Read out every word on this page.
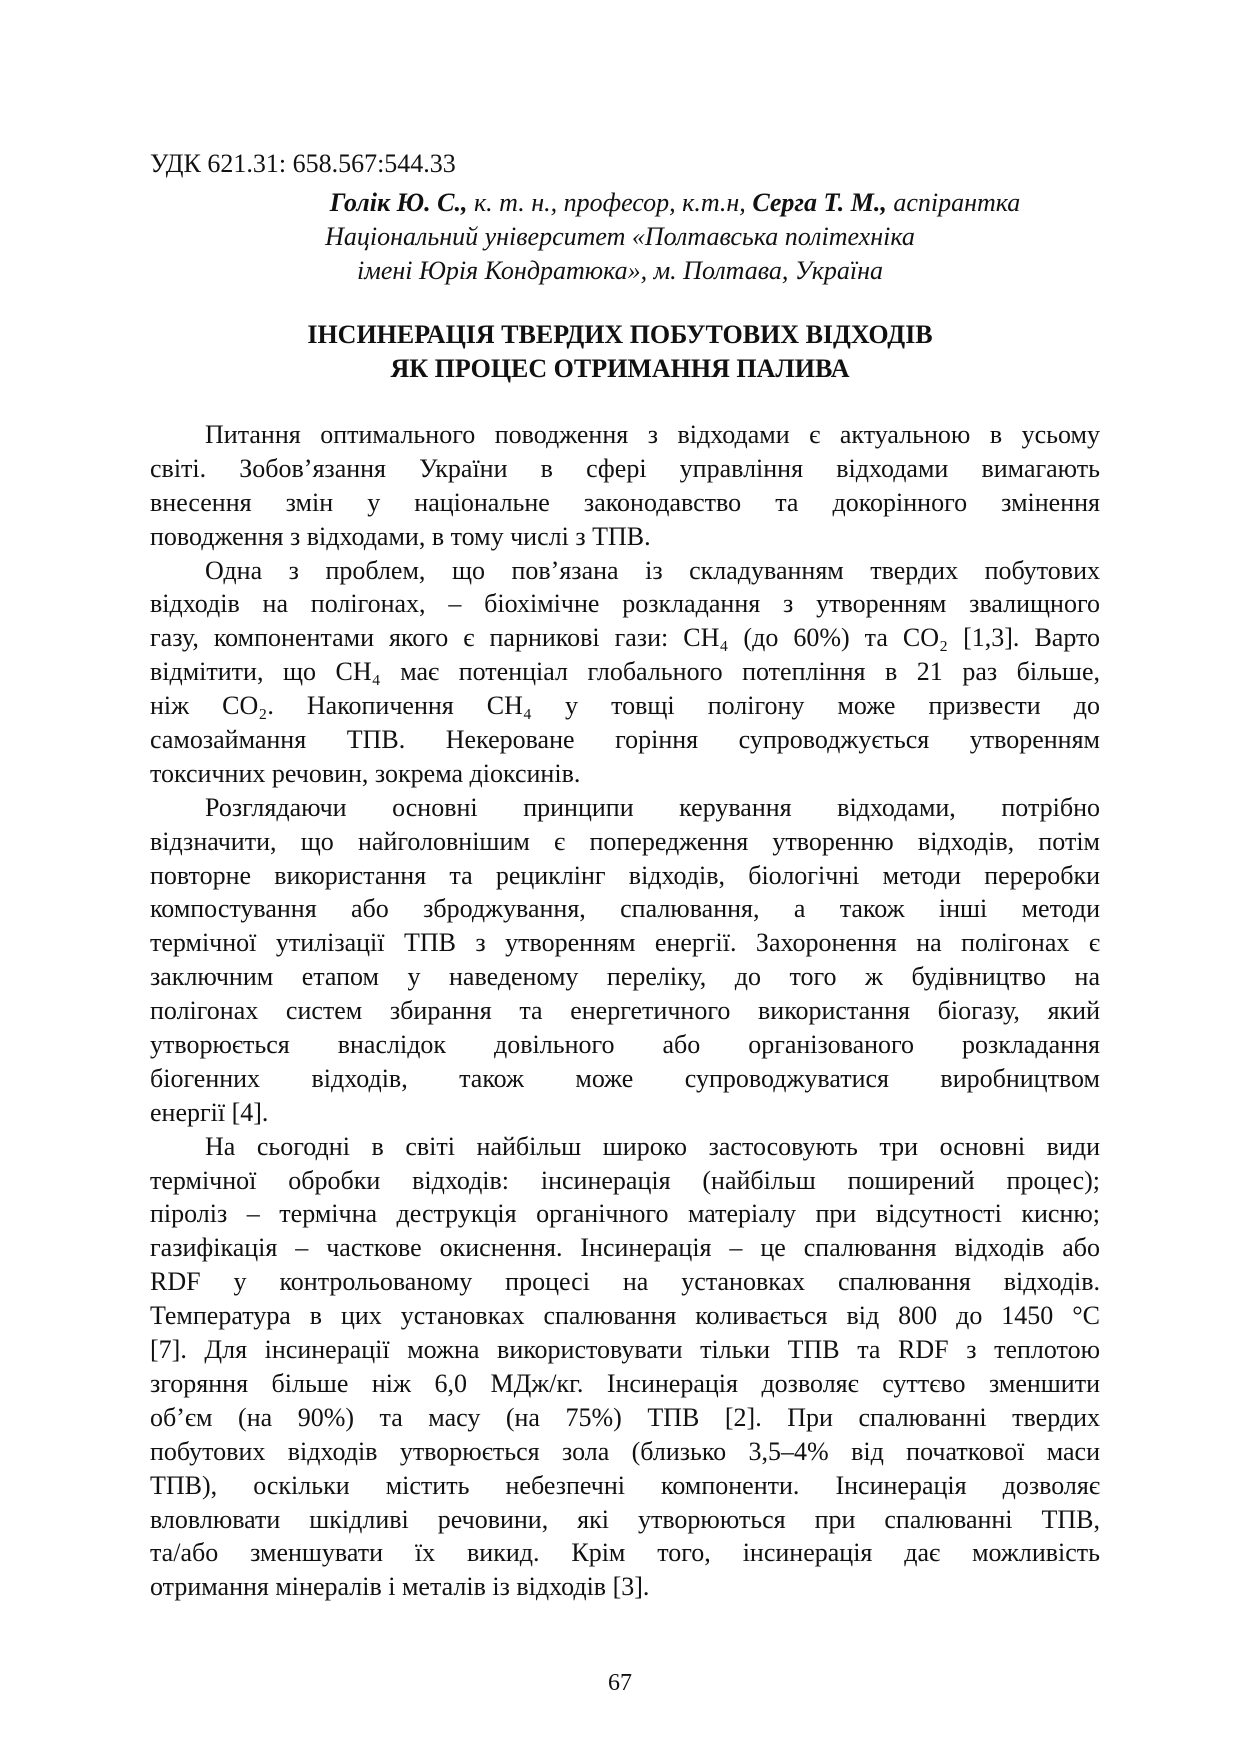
УДК 621.31: 658.567:544.33
Голік Ю. С., к. т. н., професор, к.т.н, Серга Т. М., аспірантка
Національний університет «Полтавська політехніка
імені Юрія Кондратюка», м. Полтава, Україна
ІНСИНЕРАЦІЯ ТВЕРДИХ ПОБУТОВИХ ВІДХОДІВ
ЯК ПРОЦЕС ОТРИМАННЯ ПАЛИВА
Питання оптимального поводження з відходами є актуальною в усьому
світі. Зобов’язання України в сфері управління відходами вимагають
внесення змін у національне законодавство та докорінного змінення
поводження з відходами, в тому числі з ТПВ.
Одна з проблем, що пов’язана із складуванням твердих побутових
відходів на полігонах, – біохімічне розкладання з утворенням звалищного
газу, компонентами якого є парникові гази: CH₄ (до 60%) та CO₂ [1,3]. Варто
відмітити, що CH₄ має потенціал глобального потепління в 21 раз більше,
ніж CO₂. Накопичення CH₄ у товщі полігону може призвести до
самозаймання ТПВ. Некероване горіння супроводжується утворенням
токсичних речовин, зокрема діоксинів.
Розглядаючи основні принципи керування відходами, потрібно
відзначити, що найголовнішим є попередження утворенню відходів, потім
повторне використання та рециклінг відходів, біологічні методи переробки
компостування або зброджування, спалювання, а також інші методи
термічної утилізації ТПВ з утворенням енергії. Захоронення на полігонах є
заключним етапом у наведеному переліку, до того ж будівництво на
полігонах систем збирання та енергетичного використання біогазу, який
утворюється внаслідок довільного або організованого розкладання
біогенних відходів, також може супроводжуватися виробництвом
енергії [4].
На сьогодні в світі найбільш широко застосовують три основні види
термічної обробки відходів: інсинерація (найбільш поширений процес);
піроліз – термічна деструкція органічного матеріалу при відсутності кисню;
газифікація – часткове окиснення. Інсинерація – це спалювання відходів або
RDF у контрольованому процесі на установках спалювання відходів.
Температура в цих установках спалювання коливається від 800 до 1450 °С
[7]. Для інсинерації можна використовувати тільки ТПВ та RDF з теплотою
згоряння більше ніж 6,0 МДж/кг. Інсинерація дозволяє суттєво зменшити
об’єм (на 90%) та масу (на 75%) ТПВ [2]. При спалюванні твердих
побутових відходів утворюється зола (близько 3,5–4% від початкової маси
ТПВ), оскільки містить небезпечні компоненти. Інсинерація дозволяє
вловлювати шкідливі речовини, які утворюються при спалюванні ТПВ,
та/або зменшувати їх викид. Крім того, інсинерація дає можливість
отримання мінералів і металів із відходів [3].
67
